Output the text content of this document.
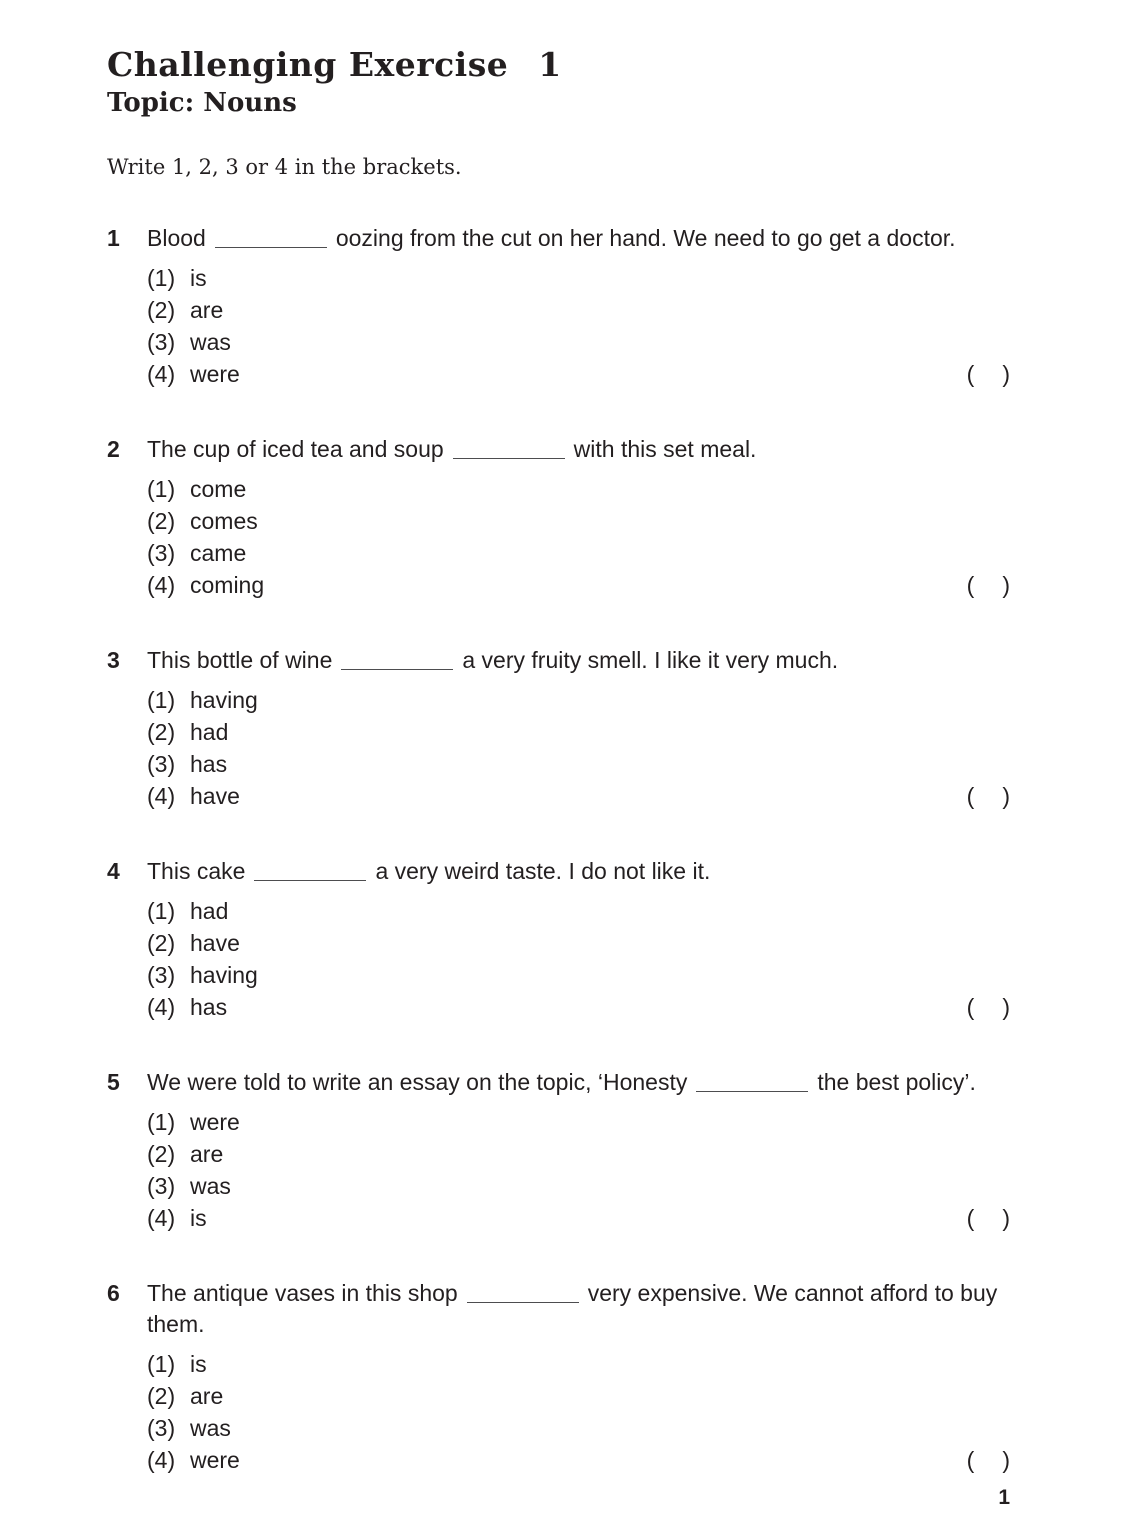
Challenging Exercise 1
Topic: Nouns

Write 1, 2, 3 or 4 in the brackets.

1	Blood	oozing from the cut on her hand. We need to go get a doctor.
(1) is
(2) are
(3) was
(4) were	( )
2	The cup of iced tea and soup	with this set meal.
(1) come
(2) comes
(3) came
(4) coming	( )
3	This bottle of wine	a very fruity smell. I like it very much.
(1) having
(2) had
(3) has
(4) have	( )
4	This cake	a very weird taste. I do not like it.
(1) had
(2) have
(3) having
(4) has	( )
5	We were told to write an essay on the topic, ‘Honesty	the best policy’.
(1) were
(2) are
(3) was
(4) is	( )
6	The antique vases in this shop	very expensive. We cannot afford to buy them.
(1) is
(2) are
(3) was
(4) were	( )
1
